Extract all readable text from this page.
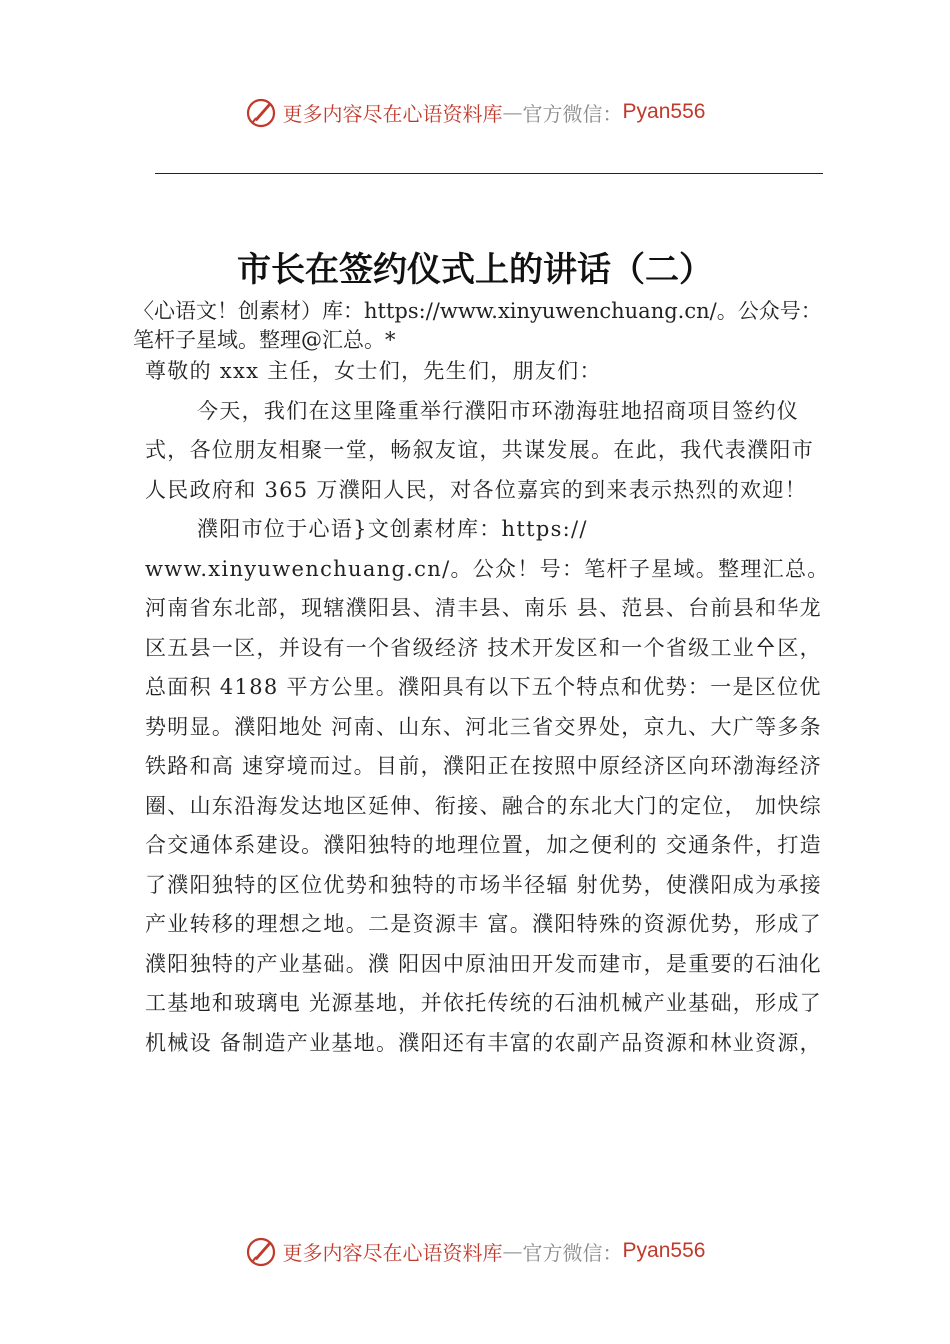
更多内容尽在心语资料库 — 官方微信： Pyan556
市长在签约仪式上的讲话（二）
〈心语文！创素材）库：https://www.xinyuwenchuang.cn/。公众号：笔杆子星域。整理@汇总。*

尊敬的 xxx 主任，女士们，先生们，朋友们：

今天，我们在这里隆重举行濮阳市环渤海驻地招商项目签约仪式，各位朋友相聚一堂，畅叙友谊，共谋发展。在此，我代表濮阳市人民政府和 365 万濮阳人民，对各位嘉宾的到来表示热烈的欢迎！

濮阳市位于心语}文创素材库：https:// www.xinyuwenchuang.cn/。公众！号：笔杆子星域。整理汇总。河南省东北部，现辖濮阳县、清丰县、南乐 县、范县、台前县和华龙区五县一区，并设有一个省级经济 技术开发区和一个省级工业㐃区，总面积 4188 平方公里。濮阳具有以下五个特点和优势：一是区位优势明显。濮阳地处 河南、山东、河北三省交界处，京九、大广等多条铁路和高 速穿境而过。目前，濮阳正在按照中原经济区向环渤海经济 圈、山东沿海发达地区延伸、衔接、融合的东北大门的定位， 加快综合交通体系建设。濮阳独特的地理位置，加之便利的 交通条件，打造了濮阳独特的区位优势和独特的市场半径辐 射优势，使濮阳成为承接产业转移的理想之地。二是资源丰 富。濮阳特殊的资源优势，形成了濮阳独特的产业基础。濮 阳因中原油田开发而建市，是重要的石油化工基地和玻璃电 光源基地，并依托传统的石油机械产业基础，形成了机械设 备制造产业基地。濮阳还有丰富的农副产品资源和林业资源，

更多内容尽在心语资料库 — 官方微信： Pyan556
